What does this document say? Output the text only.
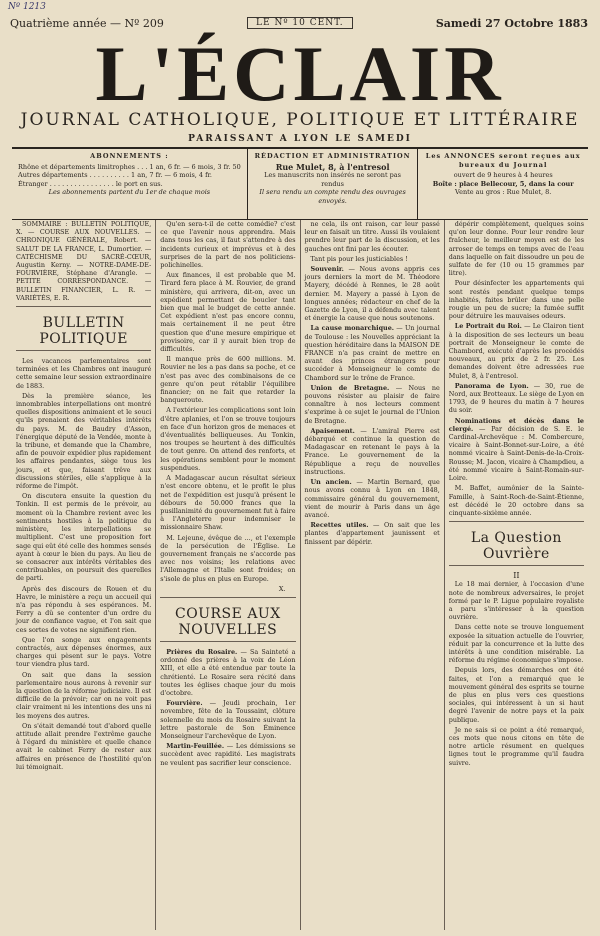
Nº 1213
Quatrième année — Nº 209	LE Nº 10 CENT.	Samedi 27 Octobre 1883
L'ÉCLAIR
JOURNAL CATHOLIQUE, POLITIQUE ET LITTÉRAIRE
PARAISSANT A LYON LE SAMEDI
ABONNEMENTS :
Rhône et départements limitrophes . . . 1 an, 6 fr. — 6 mois, 3 fr. 50
Autres départements . . . . . . . . . . 1 an, 7 fr. — 6 mois, 4 fr.
Étranger . . . . . . . . . . . . . . . . le port en sus.
Les abonnements partent du 1er de chaque mois
RÉDACTION ET ADMINISTRATION
Rue Mulet, 8, à l'entresol
Les manuscrits non insérés ne seront pas rendus
Il sera rendu un compte rendu des ouvrages envoyés.
Les ANNONCES seront reçues aux bureaux du Journal
ouvert de 9 heures à 4 heures
Boîte : place Bellecour, 5, dans la cour
Vente au gros : Rue Mulet, 8.

SOMMAIRE : BULLETIN POLITIQUE, X. — COURSE AUX NOUVELLES. — CHRONIQUE GÉNÉRALE, Robert. — SALUT DE LA FRANCE, L. Dumortier. — CATÉCHISME DU SACRÉ-CŒUR, Augustin Kerny. — NOTRE-DAME-DE-FOURVIÈRE, Stéphane d'Arangle. — PETITE CORRESPONDANCE. — BULLETIN FINANCIER, L. R. — VARIÉTÉS, E. R.

BULLETIN POLITIQUE

Les vacances parlementaires sont terminées et les Chambres ont inauguré cette semaine leur session extraordinaire de 1883.

Dès la première séance, les innombrables interpellations ont montré quelles dispositions animaient et le souci qu'ils prenaient des véritables intérêts du pays. M. de Baudry d'Asson, l'énergique député de la Vendée, monte à la tribune, et demande que la Chambre, afin de pouvoir expédier plus rapidement les affaires pendantes, siège tous les jours, et que, faisant trêve aux discussions stériles, elle s'applique à la réforme de l'impôt.

On discutera ensuite la question du Tonkin. Il est permis de le prévoir, au moment où la Chambre revient avec les sentiments hostiles à la politique du ministère, les interpellations se multiplient. C'est une proposition fort sage qui eût été celle des hommes sensés ayant à cœur le bien du pays. Au lieu de se consacrer aux intérêts véritables des contribuables, on poursuit des querelles de parti.

Après des discours de Rouen et du Havre, le ministère a reçu un accueil qui n'a pas répondu à ses espérances. M. Ferry a dû se contenter d'un ordre du jour de confiance vague, et l'on sait que ces sortes de votes ne signifient rien.

Que l'on songe aux engagements contractés, aux dépenses énormes, aux charges qui pèsent sur le pays. Votre tour viendra plus tard.

On sait que dans la session parlementaire nous aurons à revenir sur la question de la réforme judiciaire. Il est difficile de la prévoir; car on ne voit pas clair vraiment ni les intentions des uns ni les moyens des autres.

On s'était demandé tout d'abord quelle attitude allait prendre l'extrême gauche à l'égard du ministère et quelle chance avait le cabinet Ferry de rester aux affaires en présence de l'hostilité qu'on lui témoignait.

Qu'en sera-t-il de cette comédie? c'est ce que l'avenir nous apprendra. Mais dans tous les cas, il faut s'attendre à des incidents curieux et imprévus et à des surprises de la part de nos politiciens-polichinelles.

Aux finances, il est probable que M. Tirard fera place à M. Rouvier, de grand ministère, qui arrivera, dit-on, avec un expédient permettant de boucler tant bien que mal le budget de cette année. Cet expédient n'est pas encore connu, mais certainement il ne peut être question que d'une mesure empirique et provisoire, car il y aurait bien trop de difficultés.

Il manque près de 600 millions. M. Rouvier ne les a pas dans sa poche, et ce n'est pas avec des combinaisons de ce genre qu'on peut rétablir l'équilibre financier; on ne fait que retarder la banqueroute.

A l'extérieur les complications sont loin d'être aplanies, et l'on se trouve toujours en face d'un horizon gros de menaces et d'éventualités belliqueuses. Au Tonkin, nos troupes se heurtent à des difficultés de tout genre. On attend des renforts, et les opérations semblent pour le moment suspendues.

A Madagascar aucun résultat sérieux n'est encore obtenu, et le profit le plus net de l'expédition est jusqu'à présent le débours de 50.000 francs que la pusillanimité du gouvernement fut à faire à l'Angleterre pour indemniser le missionnaire Shaw.

M. Lejeune, évêque de ..., et l'exemple de la persécution de l'Église. Le gouvernement français ne s'accorde pas avec nos voisins; les relations avec l'Allemagne et l'Italie sont froides; on s'isole de plus en plus en Europe.

X.
COURSE AUX NOUVELLES

Prières du Rosaire. — Sa Sainteté a ordonné des prières à la voix de Léon XIII, et elle a été entendue par toute la chrétienté. Le Rosaire sera récité dans toutes les églises chaque jour du mois d'octobre.

Fourvière. — Jeudi prochain, 1er novembre, fête de la Toussaint, clôture solennelle du mois du Rosaire suivant la lettre pastorale de Son Éminence Monseigneur l'archevêque de Lyon.

Martin-Feuillée. — Les démissions se succèdent avec rapidité. Les magistrats ne veulent pas sacrifier leur conscience.

ne cela, ils ont raison, car leur passé leur en faisait un titre. Aussi ils voulaient prendre leur part de la discussion, et les gauches ont fini par les écouter.

Tant pis pour les justiciables !

Souvenir. — Nous avons appris ces jours derniers la mort de M. Théodore Mayery, décédé à Rennes, le 28 août dernier. M. Mayery a passé à Lyon de longues années; rédacteur en chef de la Gazette de Lyon, il a défendu avec talent et énergie la cause que nous soutenons.

La cause monarchique. — Un journal de Toulouse : les Nouvelles appréciant la question héréditaire dans la MAISON DE FRANCE n'a pas craint de mettre en avant des princes étrangers pour succéder à Monseigneur le comte de Chambord sur le trône de France.

Union de Bretagne. — Nous ne pouvons résister au plaisir de faire connaître à nos lecteurs comment s'exprime à ce sujet le journal de l'Union de Bretagne.

Apaisement. — L'amiral Pierre est débarqué et continue la question de Madagascar en retenant le pays à la France. Le gouvernement de la République a reçu de nouvelles instructions.

Un ancien. — Martin Bernard, que nous avons connu à Lyon en 1848, commissaire général du gouvernement, vient de mourir à Paris dans un âge avancé.

Recettes utiles. — On sait que les plantes d'appartement jaunissent et finissent par dépérir.

dépérir complètement, quelques soins qu'on leur donne. Pour leur rendre leur fraîcheur, le meilleur moyen est de les arroser de temps en temps avec de l'eau dans laquelle on fait dissoudre un peu de sulfate de fer (10 ou 15 grammes par litre).

Pour désinfecter les appartements qui sont restés pendant quelque temps inhabités, faites brûler dans une pelle rougie un peu de sucre; la fumée suffit pour détruire les mauvaises odeurs.

Le Portrait du Roi. — Le Clairon tient à la disposition de ses lecteurs un beau portrait de Monseigneur le comte de Chambord, exécuté d'après les procédés nouveaux, au prix de 2 fr. 25. Les demandes doivent être adressées rue Mulet, 8, à l'entresol.

Panorama de Lyon. — 30, rue de Nord, aux Brotteaux. Le siège de Lyon en 1793, de 9 heures du matin à 7 heures du soir.

Nominations et décès dans le clergé. — Par décision de S. E. le Cardinal-Archevêque : M. Combercure, vicaire à Saint-Bonnet-sur-Loire, a été nommé vicaire à Saint-Denis-de-la-Croix-Rousse; M. Jacon, vicaire à Champdieu, a été nommé vicaire à Saint-Romain-sur-Loire.

M. Baffet, aumônier de la Sainte-Famille, à Saint-Roch-de-Saint-Étienne, est décédé le 20 octobre dans sa cinquante-sixième année.

La Question Ouvrière
II

Le 18 mai dernier, à l'occasion d'une note de nombreux adversaires, le projet formé par le P. Ligue populaire royaliste a paru s'intéresser à la question ouvrière.

Dans cette note se trouve longuement exposée la situation actuelle de l'ouvrier, réduit par la concurrence et la lutte des intérêts à une condition misérable. La réforme du régime économique s'impose.

Depuis lors, des démarches ont été faites, et l'on a remarqué que le mouvement général des esprits se tourne de plus en plus vers ces questions sociales, qui intéressent à un si haut degré l'avenir de notre pays et la paix publique.

Je ne sais si ce point a été remarqué, ces mots que nous citons en tête de notre article résument en quelques lignes tout le programme qu'il faudra suivre.
